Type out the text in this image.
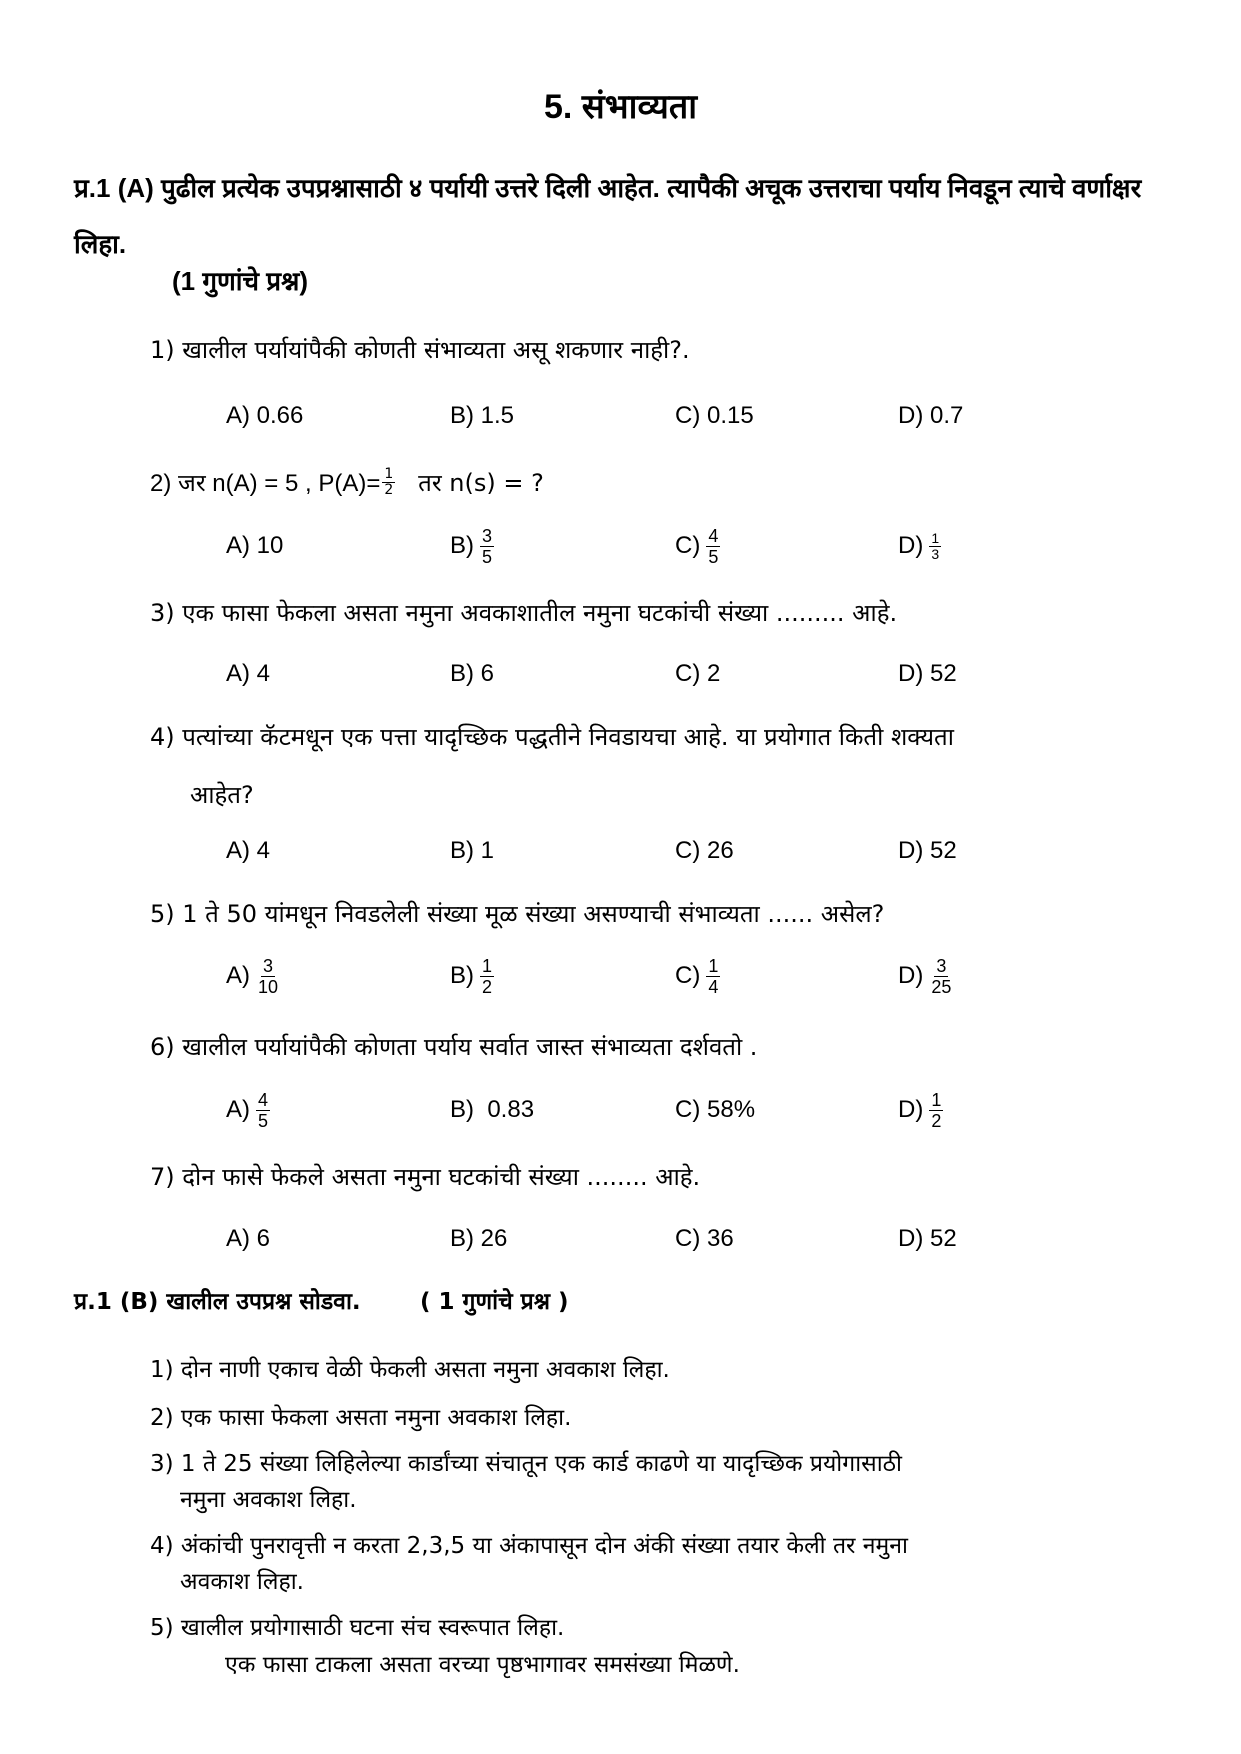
5. संभाव्यता
प्र.1 (A) पुढील प्रत्येक उपप्रश्नासाठी ४ पर्यायी उत्तरे दिली आहेत. त्यापैकी अचूक उत्तराचा पर्याय निवडून त्याचे वर्णाक्षर लिहा.
(1 गुणांचे प्रश्न)
1) खालील पर्यायांपैकी कोणती संभाव्यता असू शकणार नाही?.
A) 0.66	B) 1.5	C) 0.15	D) 0.7
2) जर n(A) = 5 , $P(A)= \frac{1}{2}$ तर n(s) = ?
A) 10	$B) \frac{3}{5}$	$C) \frac{4}{5}$	$D) \frac{1}{3}$
3) एक फासा फेकला असता नमुना अवकाशातील नमुना घटकांची संख्या ......... आहे.
A) 4	B) 6	C) 2	D) 52
4) पत्यांच्या कॅटमधून एक पत्ता यादृच्छिक पद्धतीने निवडायचा आहे. या प्रयोगात किती शक्यता
आहेत?
A) 4	B) 1	C) 26	D) 52
5) 1 ते 50 यांमधून निवडलेली संख्या मूळ संख्या असण्याची संभाव्यता ...... असेल?
$A) \frac{3}{10}$	$B) \frac{1}{2}$	$C) \frac{1}{4}$	$D) \frac{3}{25}$
6) खालील पर्यायांपैकी कोणता पर्याय सर्वात जास्त संभाव्यता दर्शवतो .
$A) \frac{4}{5}$	B)  0.83	C) 58%	$D) \frac{1}{2}$
7) दोन फासे फेकले असता नमुना घटकांची संख्या ........ आहे.
A) 6	B) 26	C) 36	D) 52
प्र.1 (B) खालील उपप्रश्न सोडवा.	( 1 गुणांचे प्रश्न )
1) दोन नाणी एकाच वेळी फेकली असता नमुना अवकाश लिहा.
2) एक फासा फेकला असता नमुना अवकाश लिहा.
3) 1 ते 25 संख्या लिहिलेल्या कार्डांच्या संचातून एक कार्ड काढणे या यादृच्छिक प्रयोगासाठी
नमुना अवकाश लिहा.
4) अंकांची पुनरावृत्ती न करता 2,3,5 या अंकापासून दोन अंकी संख्या तयार केली तर नमुना
अवकाश लिहा.
5) खालील प्रयोगासाठी घटना संच स्वरूपात लिहा.
एक फासा टाकला असता वरच्या पृष्ठभागावर समसंख्या मिळणे.
